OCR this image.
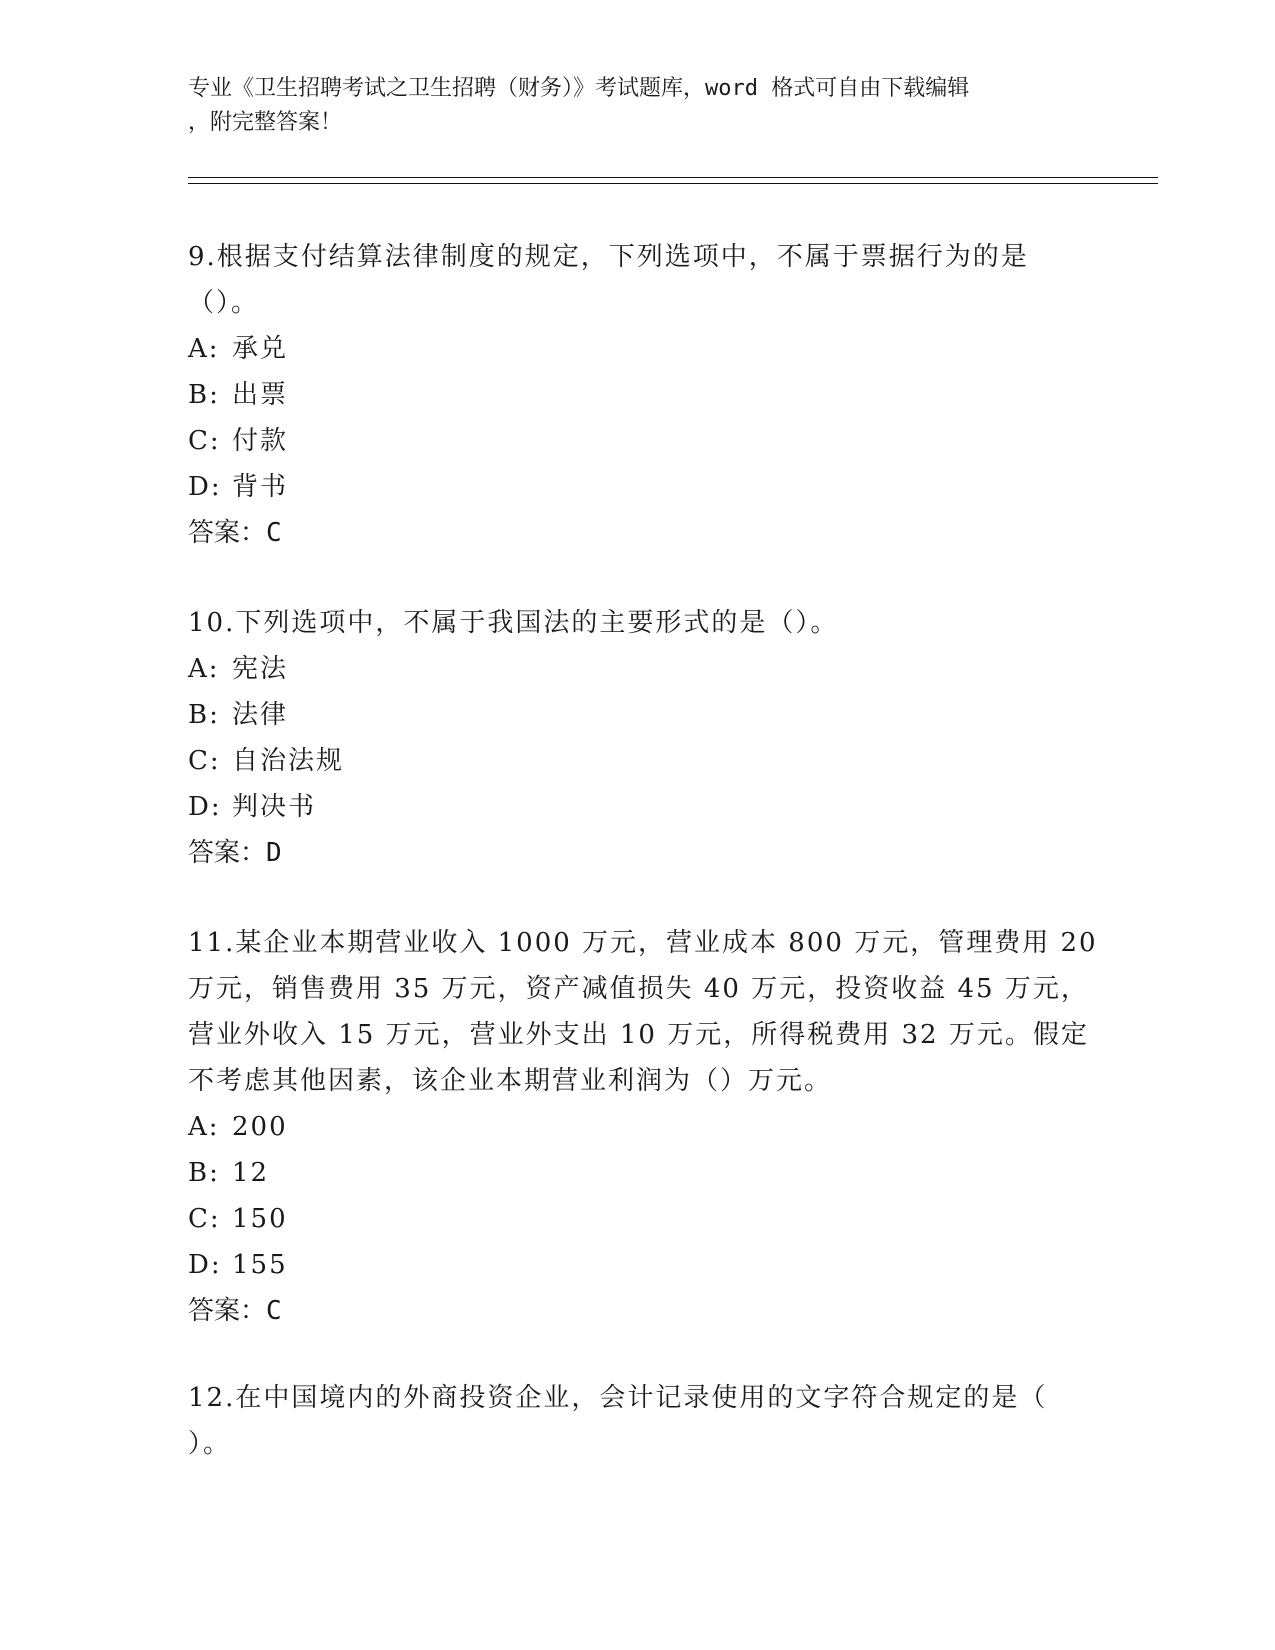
专业《卫生招聘考试之卫生招聘（财务）》考试题库，word 格式可自由下载编辑
，附完整答案！
9.根据支付结算法律制度的规定，下列选项中，不属于票据行为的是
（）。
A: 承兑
B: 出票
C: 付款
D: 背书
答案：C
10.下列选项中，不属于我国法的主要形式的是（）。
A: 宪法
B: 法律
C: 自治法规
D: 判决书
答案：D
11.某企业本期营业收入 1000 万元，营业成本 800 万元，管理费用 20
万元，销售费用 35 万元，资产减值损失 40 万元，投资收益 45 万元，
营业外收入 15 万元，营业外支出 10 万元，所得税费用 32 万元。假定
不考虑其他因素，该企业本期营业利润为（）万元。
A: 200
B: 12
C: 150
D: 155
答案：C
12.在中国境内的外商投资企业，会计记录使用的文字符合规定的是（
）。
